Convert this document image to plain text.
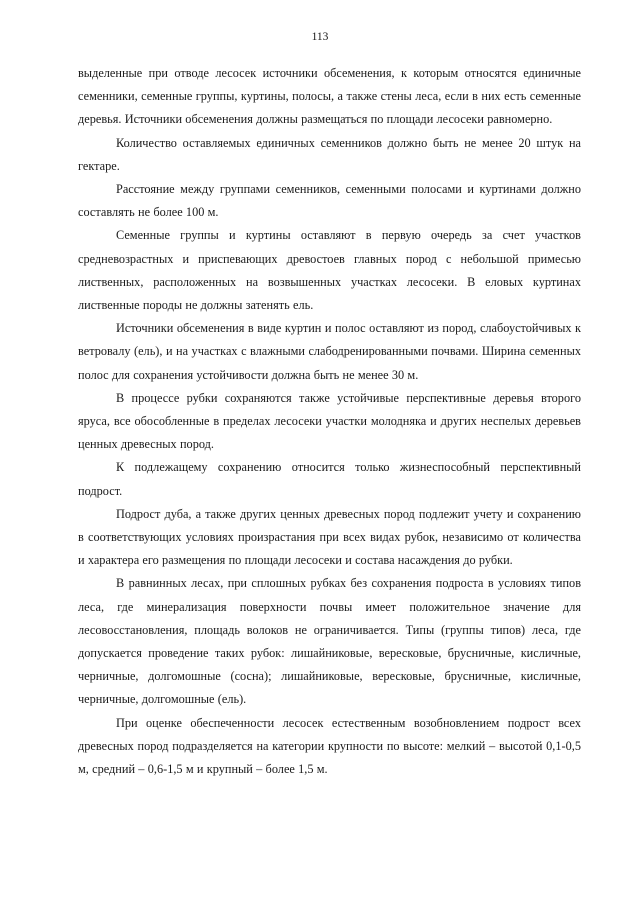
113

выделенные при отводе лесосек источники обсеменения, к которым относятся единичные семенники, семенные группы, куртины, полосы, а также стены леса, если в них есть семенные деревья. Источники обсеменения должны размещаться по площади лесосеки равномерно.

Количество оставляемых единичных семенников должно быть не менее 20 штук на гектаре.

Расстояние между группами семенников, семенными полосами и куртинами должно составлять не более 100 м.

Семенные группы и куртины оставляют в первую очередь за счет участков средневозрастных и приспевающих древостоев главных пород с небольшой примесью лиственных, расположенных на возвышенных участках лесосеки. В еловых куртинах лиственные породы не должны затенять ель.

Источники обсеменения в виде куртин и полос оставляют из пород, слабоустойчивых к ветровалу (ель), и на участках с влажными слабодренированными почвами. Ширина семенных полос для сохранения устойчивости должна быть не менее 30 м.

В процессе рубки сохраняются также устойчивые перспективные деревья второго яруса, все обособленные в пределах лесосеки участки молодняка и других неспелых деревьев ценных древесных пород.

К подлежащему сохранению относится только жизнеспособный перспективный подрост.

Подрост дуба, а также других ценных древесных пород подлежит учету и сохранению в соответствующих условиях произрастания при всех видах рубок, независимо от количества и характера его размещения по площади лесосеки и состава насаждения до рубки.

В равнинных лесах, при сплошных рубках без сохранения подроста в условиях типов леса, где минерализация поверхности почвы имеет положительное значение для лесовосстановления, площадь волоков не ограничивается. Типы (группы типов) леса, где допускается проведение таких рубок: лишайниковые, вересковые, брусничные, кисличные, черничные, долгомошные (сосна); лишайниковые, вересковые, брусничные, кисличные, черничные, долгомошные (ель).

При оценке обеспеченности лесосек естественным возобновлением подрост всех древесных пород подразделяется на категории крупности по высоте: мелкий – высотой 0,1-0,5 м, средний – 0,6-1,5 м и крупный – более 1,5 м.
